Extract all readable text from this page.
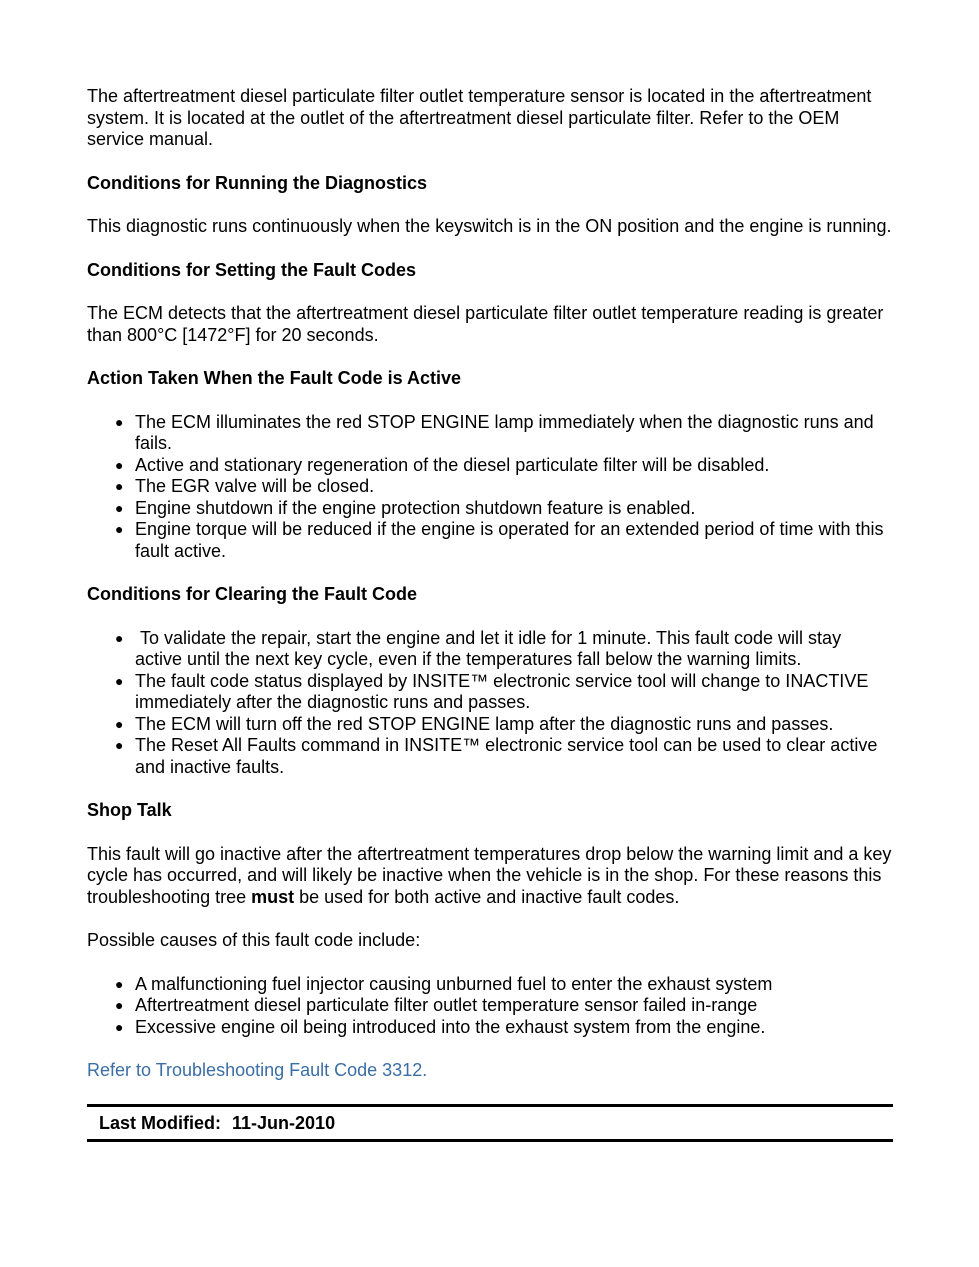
The aftertreatment diesel particulate filter outlet temperature sensor is located in the aftertreatment system. It is located at the outlet of the aftertreatment diesel particulate filter. Refer to the OEM service manual.

Conditions for Running the Diagnostics

This diagnostic runs continuously when the keyswitch is in the ON position and the engine is running.

Conditions for Setting the Fault Codes

The ECM detects that the aftertreatment diesel particulate filter outlet temperature reading is greater than 800°C [1472°F] for 20 seconds.

Action Taken When the Fault Code is Active
● The ECM illuminates the red STOP ENGINE lamp immediately when the diagnostic runs and fails.
● Active and stationary regeneration of the diesel particulate filter will be disabled.
● The EGR valve will be closed.
● Engine shutdown if the engine protection shutdown feature is enabled.
● Engine torque will be reduced if the engine is operated for an extended period of time with this fault active.
Conditions for Clearing the Fault Code
● To validate the repair, start the engine and let it idle for 1 minute. This fault code will stay active until the next key cycle, even if the temperatures fall below the warning limits.
● The fault code status displayed by INSITE™ electronic service tool will change to INACTIVE immediately after the diagnostic runs and passes.
● The ECM will turn off the red STOP ENGINE lamp after the diagnostic runs and passes.
● The Reset All Faults command in INSITE™ electronic service tool can be used to clear active and inactive faults.
Shop Talk

This fault will go inactive after the aftertreatment temperatures drop below the warning limit and a key cycle has occurred, and will likely be inactive when the vehicle is in the shop. For these reasons this troubleshooting tree must be used for both active and inactive fault codes.

Possible causes of this fault code include:

● A malfunctioning fuel injector causing unburned fuel to enter the exhaust system
● Aftertreatment diesel particulate filter outlet temperature sensor failed in-range
● Excessive engine oil being introduced into the exhaust system from the engine.

Refer to Troubleshooting Fault Code 3312.

Last Modified: 11-Jun-2010
